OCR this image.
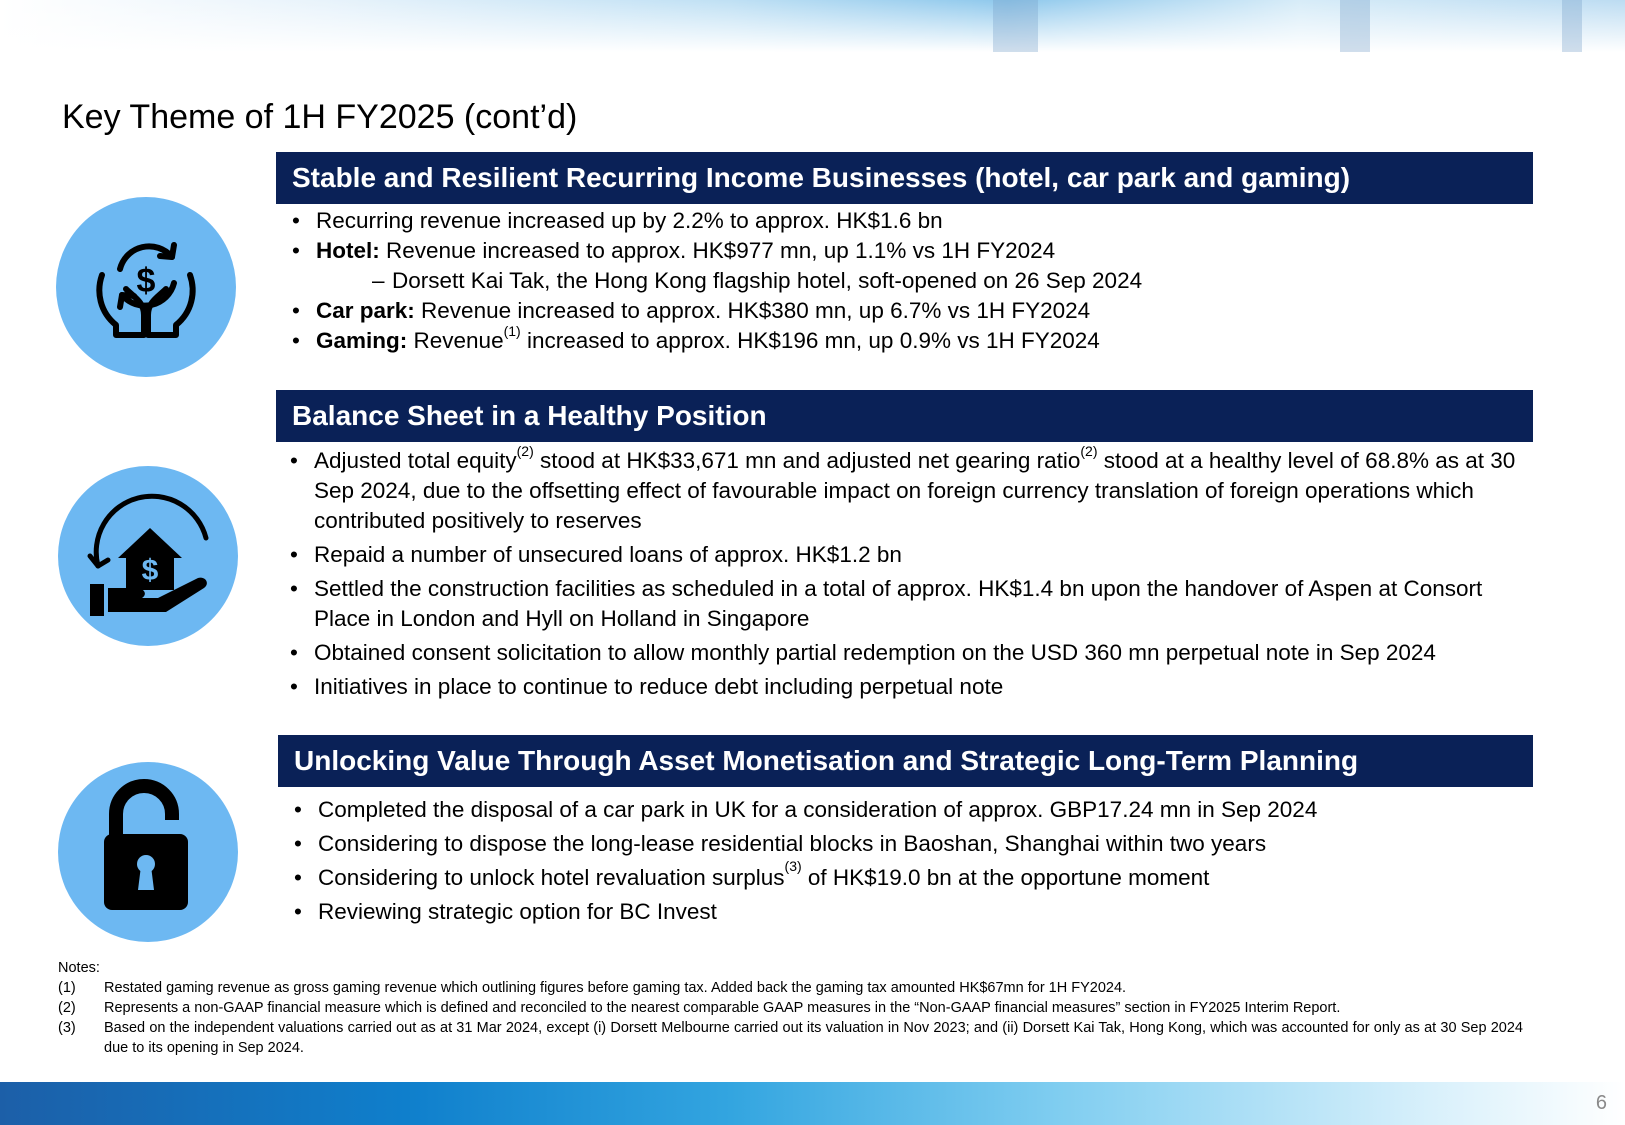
Key Theme of 1H FY2025 (cont’d)
$
Stable and Resilient Recurring Income Businesses (hotel, car park and gaming)
• Recurring revenue increased up by 2.2% to approx. HK$1.6 bn
• Hotel: Revenue increased to approx. HK$977 mn, up 1.1% vs 1H FY2024
– Dorsett Kai Tak, the Hong Kong flagship hotel, soft-opened on 26 Sep 2024
• Car park: Revenue increased to approx. HK$380 mn, up 6.7% vs 1H FY2024
• Gaming: Revenue$^{(1)}$ increased to approx. HK$196 mn, up 0.9% vs 1H FY2024
$
Balance Sheet in a Healthy Position
• Adjusted total equity$^{(2)}$ stood at HK$33,671 mn and adjusted net gearing ratio$^{(2)}$ stood at a healthy level of 68.8% as at 30 Sep 2024, due to the offsetting effect of favourable impact on foreign currency translation of foreign operations which contributed positively to reserves
• Repaid a number of unsecured loans of approx. HK$1.2 bn
• Settled the construction facilities as scheduled in a total of approx. HK$1.4 bn upon the handover of Aspen at Consort Place in London and Hyll on Holland in Singapore
• Obtained consent solicitation to allow monthly partial redemption on the USD 360 mn perpetual note in Sep 2024
• Initiatives in place to continue to reduce debt including perpetual note
Unlocking Value Through Asset Monetisation and Strategic Long-Term Planning
• Completed the disposal of a car park in UK for a consideration of approx. GBP17.24 mn in Sep 2024
• Considering to dispose the long-lease residential blocks in Baoshan, Shanghai within two years
• Considering to unlock hotel revaluation surplus$^{(3)}$ of HK$19.0 bn at the opportune moment
• Reviewing strategic option for BC Invest
Notes:
(1)	Restated gaming revenue as gross gaming revenue which outlining figures before gaming tax. Added back the gaming tax amounted HK$67mn for 1H FY2024.
(2)	Represents a non-GAAP financial measure which is defined and reconciled to the nearest comparable GAAP measures in the “Non-GAAP financial measures” section in FY2025 Interim Report.
(3)	Based on the independent valuations carried out as at 31 Mar 2024, except (i) Dorsett Melbourne carried out its valuation in Nov 2023; and (ii) Dorsett Kai Tak, Hong Kong, which was accounted for only as at 30 Sep 2024 due to its opening in Sep 2024.
6
